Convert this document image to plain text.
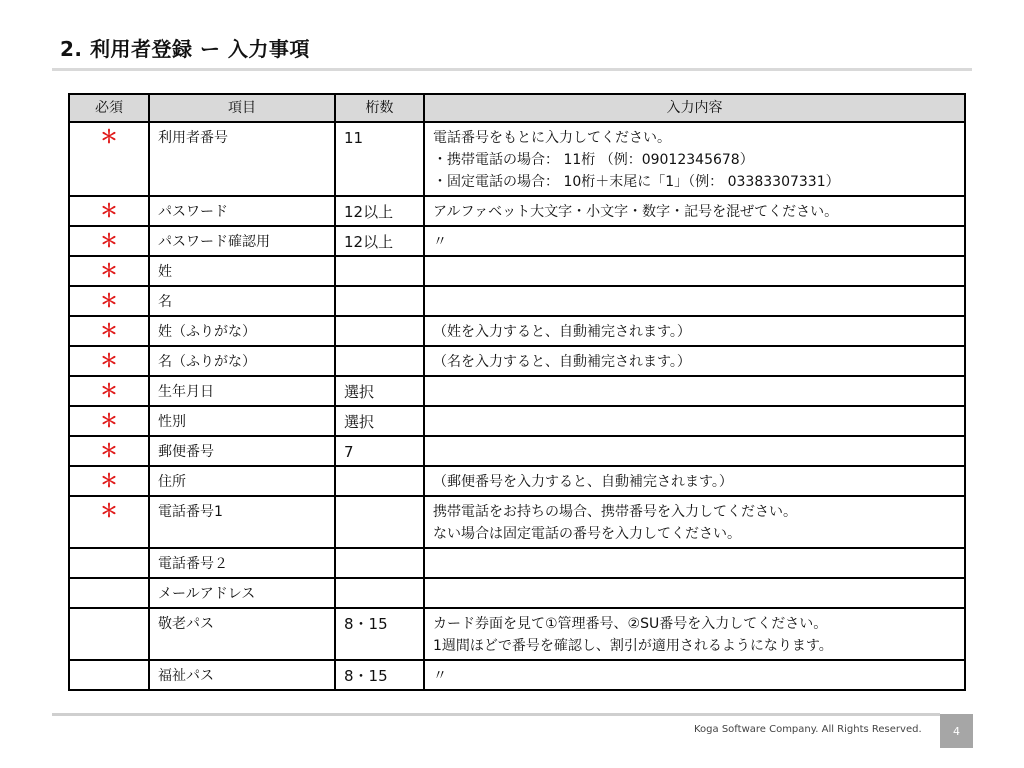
2. 利用者登録 ー 入力事項
必須	項目	桁数	入力内容
＊	利用者番号	11	電話番号をもとに入力してください。
・携帯電話の場合： 11桁 （例：09012345678）
・固定電話の場合： 10桁＋末尾に「1」（例： 03383307331）

＊	パスワード	12以上	アルファベット大文字・小文字・数字・記号を混ぜてください。

＊	パスワード確認用	12以上	〃

＊	姓		

＊	名		

＊	姓（ふりがな）		（姓を入力すると、自動補完されます。）

＊	名（ふりがな）		（名を入力すると、自動補完されます。）

＊	生年月日	選択	

＊	性別	選択	

＊	郵便番号	7	

＊	住所		（郵便番号を入力すると、自動補完されます。）

＊	電話番号1		携帯電話をお持ちの場合、携帯番号を入力してください。
ない場合は固定電話の番号を入力してください。

	電話番号２		

	メールアドレス		

	敬老パス	8・15	カード券面を見て①管理番号、②SU番号を入力してください。
1週間ほどで番号を確認し、割引が適用されるようになります。

	福祉パス	8・15	〃
Koga Software Company. All Rights Reserved.	4
